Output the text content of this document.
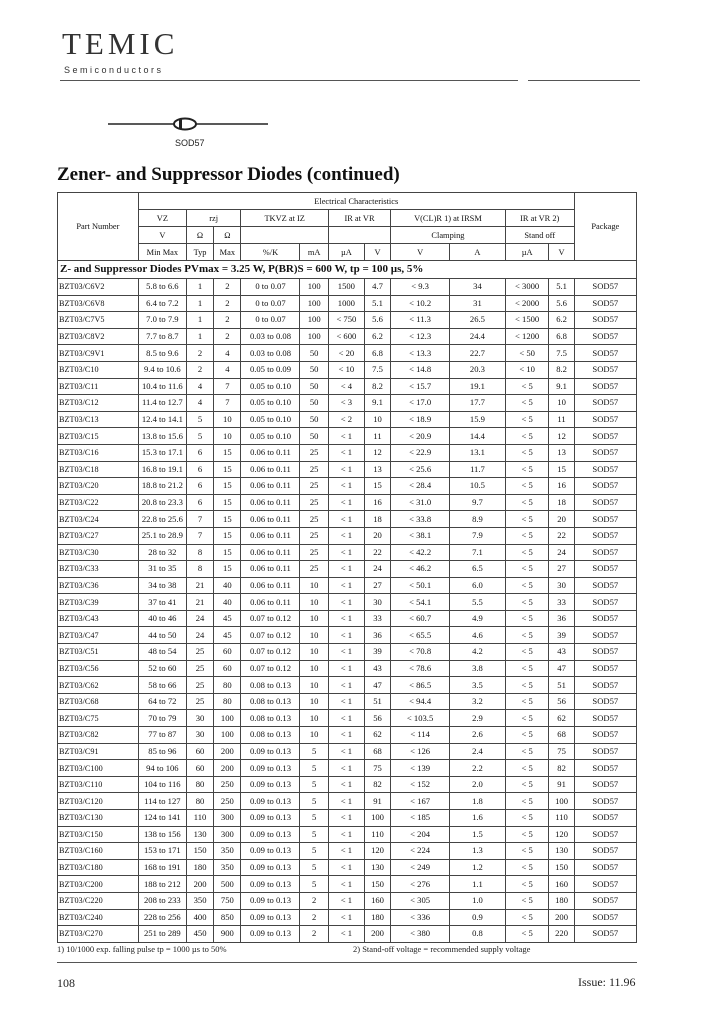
TEMIC
Semiconductors
SOD57
Zener- and Suppressor Diodes (continued)
Part Number	Electrical Characteristics											Package
	VZ	rzj		TKVZ at IZ		IR at VR		V(CL)R 1) at IRSM		IR at VR 2)		
	V	Ω	Ω					Clamping		Stand off		
	Min Max	Typ	Max	%/K	mA	µA	V	V	A	µA	V	
Z- and Suppressor Diodes PVmax = 3.25 W, P(BR)S = 600 W, tp = 100 µs, 5%												
BZT03/C6V2	5.8 to 6.6	1	2	0 to 0.07	100	1500	4.7	< 9.3	34	< 3000	5.1	SOD57
BZT03/C6V8	6.4 to 7.2	1	2	0 to 0.07	100	1000	5.1	< 10.2	31	< 2000	5.6	SOD57
BZT03/C7V5	7.0 to 7.9	1	2	0 to 0.07	100	< 750	5.6	< 11.3	26.5	< 1500	6.2	SOD57
BZT03/C8V2	7.7 to 8.7	1	2	0.03 to 0.08	100	< 600	6.2	< 12.3	24.4	< 1200	6.8	SOD57
BZT03/C9V1	8.5 to 9.6	2	4	0.03 to 0.08	50	< 20	6.8	< 13.3	22.7	< 50	7.5	SOD57
BZT03/C10	9.4 to 10.6	2	4	0.05 to 0.09	50	< 10	7.5	< 14.8	20.3	< 10	8.2	SOD57
BZT03/C11	10.4 to 11.6	4	7	0.05 to 0.10	50	< 4	8.2	< 15.7	19.1	< 5	9.1	SOD57
BZT03/C12	11.4 to 12.7	4	7	0.05 to 0.10	50	< 3	9.1	< 17.0	17.7	< 5	10	SOD57
BZT03/C13	12.4 to 14.1	5	10	0.05 to 0.10	50	< 2	10	< 18.9	15.9	< 5	11	SOD57
BZT03/C15	13.8 to 15.6	5	10	0.05 to 0.10	50	< 1	11	< 20.9	14.4	< 5	12	SOD57
BZT03/C16	15.3 to 17.1	6	15	0.06 to 0.11	25	< 1	12	< 22.9	13.1	< 5	13	SOD57
BZT03/C18	16.8 to 19.1	6	15	0.06 to 0.11	25	< 1	13	< 25.6	11.7	< 5	15	SOD57
BZT03/C20	18.8 to 21.2	6	15	0.06 to 0.11	25	< 1	15	< 28.4	10.5	< 5	16	SOD57
BZT03/C22	20.8 to 23.3	6	15	0.06 to 0.11	25	< 1	16	< 31.0	9.7	< 5	18	SOD57
BZT03/C24	22.8 to 25.6	7	15	0.06 to 0.11	25	< 1	18	< 33.8	8.9	< 5	20	SOD57
BZT03/C27	25.1 to 28.9	7	15	0.06 to 0.11	25	< 1	20	< 38.1	7.9	< 5	22	SOD57
BZT03/C30	28 to 32	8	15	0.06 to 0.11	25	< 1	22	< 42.2	7.1	< 5	24	SOD57
BZT03/C33	31 to 35	8	15	0.06 to 0.11	25	< 1	24	< 46.2	6.5	< 5	27	SOD57
BZT03/C36	34 to 38	21	40	0.06 to 0.11	10	< 1	27	< 50.1	6.0	< 5	30	SOD57
BZT03/C39	37 to 41	21	40	0.06 to 0.11	10	< 1	30	< 54.1	5.5	< 5	33	SOD57
BZT03/C43	40 to 46	24	45	0.07 to 0.12	10	< 1	33	< 60.7	4.9	< 5	36	SOD57
BZT03/C47	44 to 50	24	45	0.07 to 0.12	10	< 1	36	< 65.5	4.6	< 5	39	SOD57
BZT03/C51	48 to 54	25	60	0.07 to 0.12	10	< 1	39	< 70.8	4.2	< 5	43	SOD57
BZT03/C56	52 to 60	25	60	0.07 to 0.12	10	< 1	43	< 78.6	3.8	< 5	47	SOD57
BZT03/C62	58 to 66	25	80	0.08 to 0.13	10	< 1	47	< 86.5	3.5	< 5	51	SOD57
BZT03/C68	64 to 72	25	80	0.08 to 0.13	10	< 1	51	< 94.4	3.2	< 5	56	SOD57
BZT03/C75	70 to 79	30	100	0.08 to 0.13	10	< 1	56	< 103.5	2.9	< 5	62	SOD57
BZT03/C82	77 to 87	30	100	0.08 to 0.13	10	< 1	62	< 114	2.6	< 5	68	SOD57
BZT03/C91	85 to 96	60	200	0.09 to 0.13	5	< 1	68	< 126	2.4	< 5	75	SOD57
BZT03/C100	94 to 106	60	200	0.09 to 0.13	5	< 1	75	< 139	2.2	< 5	82	SOD57
BZT03/C110	104 to 116	80	250	0.09 to 0.13	5	< 1	82	< 152	2.0	< 5	91	SOD57
BZT03/C120	114 to 127	80	250	0.09 to 0.13	5	< 1	91	< 167	1.8	< 5	100	SOD57
BZT03/C130	124 to 141	110	300	0.09 to 0.13	5	< 1	100	< 185	1.6	< 5	110	SOD57
BZT03/C150	138 to 156	130	300	0.09 to 0.13	5	< 1	110	< 204	1.5	< 5	120	SOD57
BZT03/C160	153 to 171	150	350	0.09 to 0.13	5	< 1	120	< 224	1.3	< 5	130	SOD57
BZT03/C180	168 to 191	180	350	0.09 to 0.13	5	< 1	130	< 249	1.2	< 5	150	SOD57
BZT03/C200	188 to 212	200	500	0.09 to 0.13	5	< 1	150	< 276	1.1	< 5	160	SOD57
BZT03/C220	208 to 233	350	750	0.09 to 0.13	2	< 1	160	< 305	1.0	< 5	180	SOD57
BZT03/C240	228 to 256	400	850	0.09 to 0.13	2	< 1	180	< 336	0.9	< 5	200	SOD57
BZT03/C270	251 to 289	450	900	0.09 to 0.13	2	< 1	200	< 380	0.8	< 5	220	SOD57
1) 10/1000 exp. falling pulse tp = 1000 µs to 50%	2) Stand-off voltage = recommended supply voltage
108	Issue: 11.96
